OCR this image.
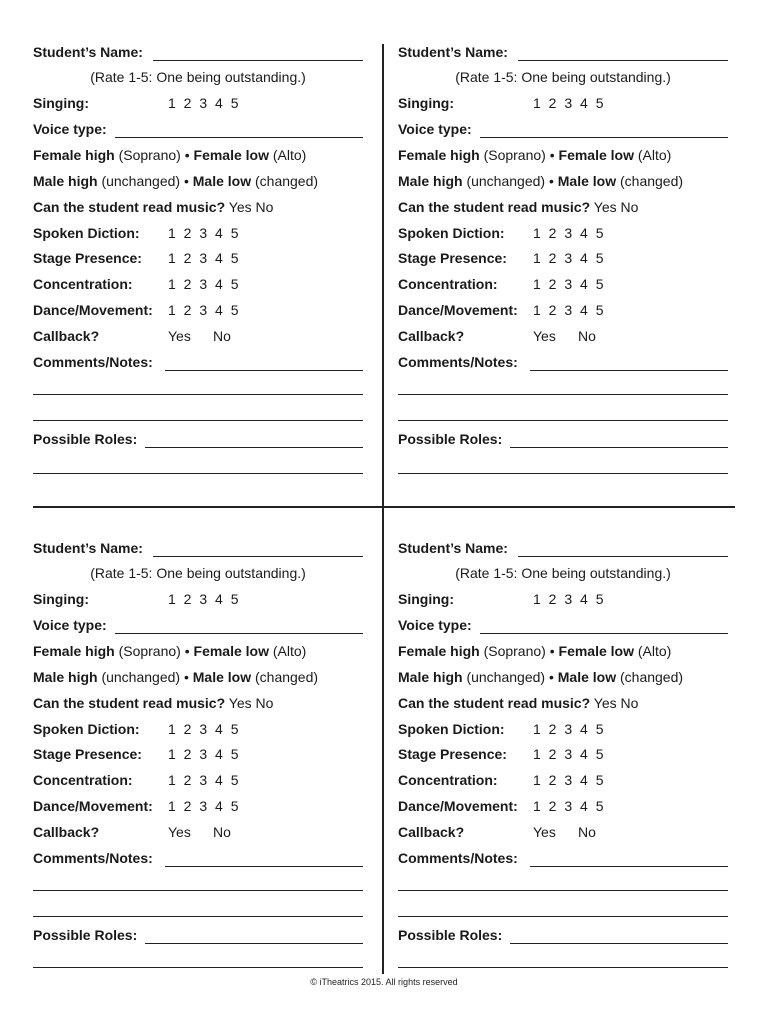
Student’s Name:
(Rate 1-5: One being outstanding.)
Singing:	1 2 3 4 5
Voice type:
Female high (Soprano) • Female low (Alto)
Male high (unchanged) • Male low (changed)
Can the student read music? Yes No
Spoken Diction: 1 2 3 4 5
Stage Presence: 1 2 3 4 5
Concentration:	1 2 3 4 5
Dance/Movement: 1 2 3 4 5
Callback?	Yes No
Comments/Notes:
Possible Roles:
Student’s Name:
(Rate 1-5: One being outstanding.)
Singing:	1 2 3 4 5
Voice type:
Female high (Soprano) • Female low (Alto)
Male high (unchanged) • Male low (changed)
Can the student read music? Yes No
Spoken Diction: 1 2 3 4 5
Stage Presence: 1 2 3 4 5
Concentration:	1 2 3 4 5
Dance/Movement: 1 2 3 4 5
Callback?	Yes No
Comments/Notes:
Possible Roles:
Student’s Name:
(Rate 1-5: One being outstanding.)
Singing:	1 2 3 4 5
Voice type:
Female high (Soprano) • Female low (Alto)
Male high (unchanged) • Male low (changed)
Can the student read music? Yes No
Spoken Diction: 1 2 3 4 5
Stage Presence: 1 2 3 4 5
Concentration:	1 2 3 4 5
Dance/Movement: 1 2 3 4 5
Callback?	Yes No
Comments/Notes:
Possible Roles:
Student’s Name:
(Rate 1-5: One being outstanding.)
Singing:	1 2 3 4 5
Voice type:
Female high (Soprano) • Female low (Alto)
Male high (unchanged) • Male low (changed)
Can the student read music? Yes No
Spoken Diction: 1 2 3 4 5
Stage Presence: 1 2 3 4 5
Concentration:	1 2 3 4 5
Dance/Movement: 1 2 3 4 5
Callback?	Yes No
Comments/Notes:
Possible Roles:
© iTheatrics 2015. All rights reserved
